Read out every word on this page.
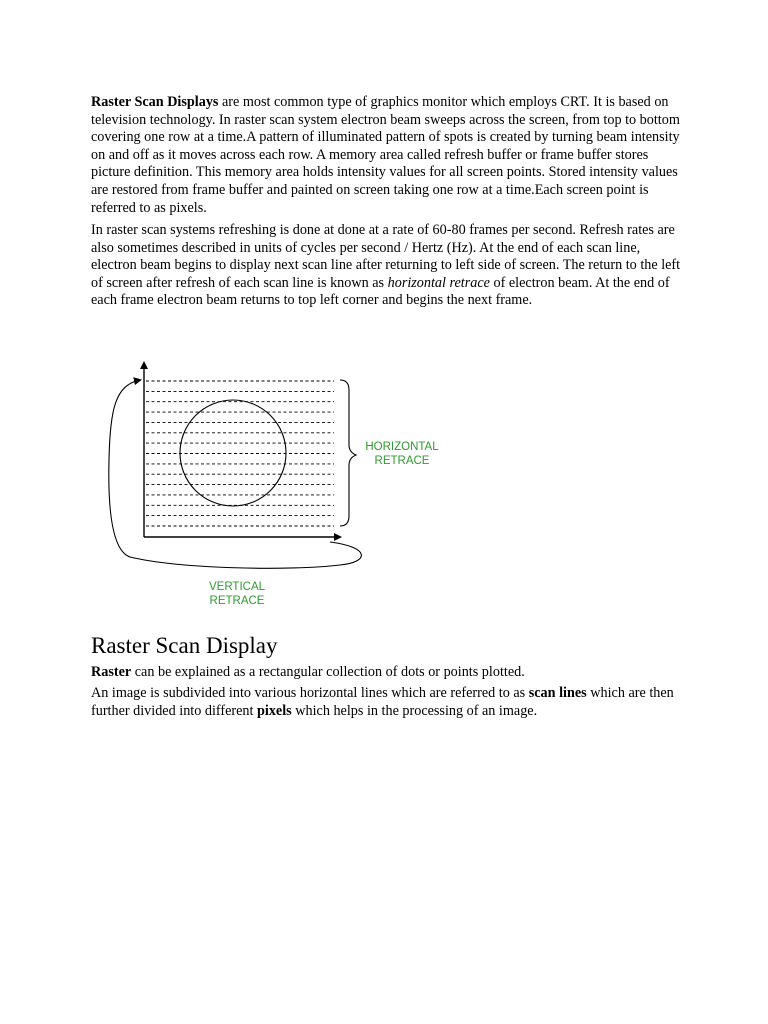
Raster Scan Displays are most common type of graphics monitor which employs CRT. It is based on television technology. In raster scan system electron beam sweeps across the screen, from top to bottom covering one row at a time.A pattern of illuminated pattern of spots is created by turning beam intensity on and off as it moves across each row. A memory area called refresh buffer or frame buffer stores picture definition. This memory area holds intensity values for all screen points. Stored intensity values are restored from frame buffer and painted on screen taking one row at a time.Each screen point is referred to as pixels.

In raster scan systems refreshing is done at done at a rate of 60-80 frames per second. Refresh rates are also sometimes described in units of cycles per second / Hertz (Hz). At the end of each scan line, electron beam begins to display next scan line after returning to left side of screen. The return to the left of screen after refresh of each scan line is known as horizontal retrace of electron beam. At the end of each frame electron beam returns to top left corner and begins the next frame.

HORIZONTAL
RETRACE
VERTICAL
RETRACE
Raster Scan Display

Raster can be explained as a rectangular collection of dots or points plotted.

An image is subdivided into various horizontal lines which are referred to as scan lines which are then further divided into different pixels which helps in the processing of an image.
